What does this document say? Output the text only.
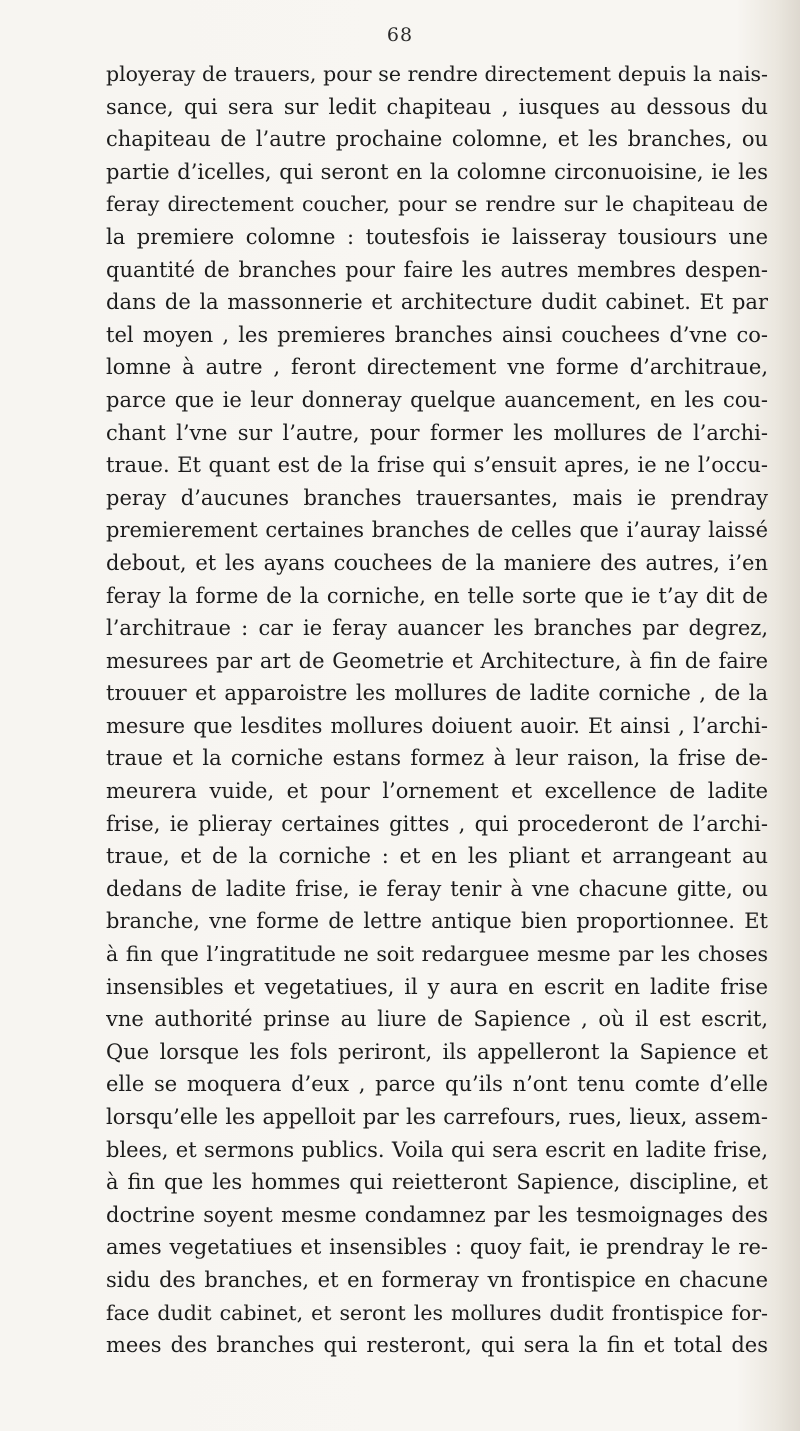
68
ployeray de trauers, pour se rendre directement depuis la nais-
sance, qui sera sur ledit chapiteau , iusques au dessous du
chapiteau de l’autre prochaine colomne, et les branches, ou
partie d’icelles, qui seront en la colomne circonuoisine, ie les
feray directement coucher, pour se rendre sur le chapiteau de
la premiere colomne : toutesfois ie laisseray tousiours une
quantité de branches pour faire les autres membres despen-
dans de la massonnerie et architecture dudit cabinet. Et par
tel moyen , les premieres branches ainsi couchees d’vne co-
lomne à autre , feront directement vne forme d’architraue,
parce que ie leur donneray quelque auancement, en les cou-
chant l’vne sur l’autre, pour former les mollures de l’archi-
traue. Et quant est de la frise qui s’ensuit apres, ie ne l’occu-
peray d’aucunes branches trauersantes, mais ie prendray
premierement certaines branches de celles que i’auray laissé
debout, et les ayans couchees de la maniere des autres, i’en
feray la forme de la corniche, en telle sorte que ie t’ay dit de
l’architraue : car ie feray auancer les branches par degrez,
mesurees par art de Geometrie et Architecture, à fin de faire
trouuer et apparoistre les mollures de ladite corniche , de la
mesure que lesdites mollures doiuent auoir. Et ainsi , l’archi-
traue et la corniche estans formez à leur raison, la frise de-
meurera vuide, et pour l’ornement et excellence de ladite
frise, ie plieray certaines gittes , qui procederont de l’archi-
traue, et de la corniche : et en les pliant et arrangeant au
dedans de ladite frise, ie feray tenir à vne chacune gitte, ou
branche, vne forme de lettre antique bien proportionnee. Et
à fin que l’ingratitude ne soit redarguee mesme par les choses
insensibles et vegetatiues, il y aura en escrit en ladite frise
vne authorité prinse au liure de Sapience , où il est escrit,
Que lorsque les fols periront, ils appelleront la Sapience et
elle se moquera d’eux , parce qu’ils n’ont tenu comte d’elle
lorsqu’elle les appelloit par les carrefours, rues, lieux, assem-
blees, et sermons publics. Voila qui sera escrit en ladite frise,
à fin que les hommes qui reietteront Sapience, discipline, et
doctrine soyent mesme condamnez par les tesmoignages des
ames vegetatiues et insensibles : quoy fait, ie prendray le re-
sidu des branches, et en formeray vn frontispice en chacune
face dudit cabinet, et seront les mollures dudit frontispice for-
mees des branches qui resteront, qui sera la fin et total des
